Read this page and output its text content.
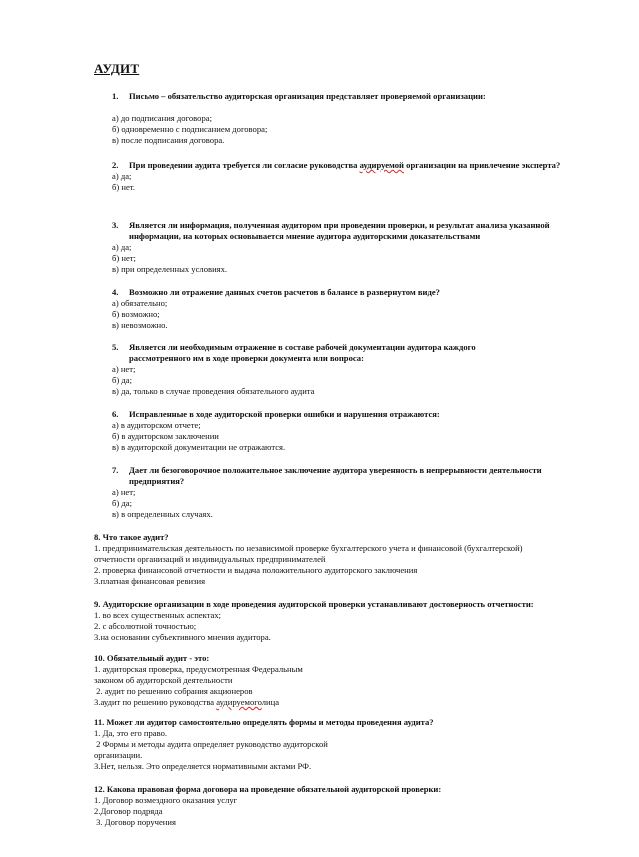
АУДИТ
1.	Письмо – обязательство аудиторская организация представляет проверяемой организации:
а) до подписания договора;
б) одновременно с подписанием договора;
в) после подписания договора.
2.	При проведении аудита требуется ли согласие руководства аудируемой организации на привлечение эксперта?
а) да;
б) нет.
3.	Является ли информация, полученная аудитором при проведении проверки, и результат анализа указанной информации, на которых основывается мнение аудитора аудиторскими доказательствами
а) да;
б) нет;
в) при определенных условиях.
4.	Возможно ли отражение данных счетов расчетов в балансе в развернутом виде?
а) обязательно;
б) возможно;
в) невозможно.
5.	Является ли необходимым отражение в составе рабочей документации аудитора каждого рассмотренного им в ходе проверки документа или вопроса:
а) нет;
б) да;
в) да, только в случае проведения обязательного аудита
6.	Исправленные в ходе аудиторской проверки ошибки и нарушения отражаются:
а) в аудиторском отчете;
б) в аудиторском заключении
в) в аудиторской документации не отражаются.
7.	Дает ли безоговорочное положительное заключение аудитора уверенность в непрерывности деятельности предприятия?
а) нет;
б) да;
в) в определенных случаях.
8. Что такое аудит?
1. предпринимательская деятельность по независимой проверке бухгалтерского учета и финансовой (бухгалтерской)
отчетности организаций и индивидуальных предпринимателей
2. проверка финансовой отчетности и выдача положительного аудиторского заключения
3.платная финансовая ревизия
9. Аудиторские организации в ходе проведения аудиторской проверки устанавливают достоверность отчетности:
1. во всех существенных аспектах;
2. с абсолютной точностью;
3.на основании субъективного мнения аудитора.
10. Обязательный аудит - это:
1. аудиторская проверка, предусмотренная Федеральным
законом об аудиторской деятельности
2. аудит по решению собрания акционеров
3.аудит по решению руководства аудируемоголица
11. Может ли аудитор самостоятельно определять формы и методы проведения аудита?
1. Да, это его право.
2 Формы и методы аудита определяет руководство аудиторской
организации.
3.Нет, нельзя. Это определяется нормативными актами РФ.
12. Какова правовая форма договора на проведение обязательной аудиторской проверки:
1. Договор возмездного оказания услуг
2.Договор подряда
3. Договор поручения
